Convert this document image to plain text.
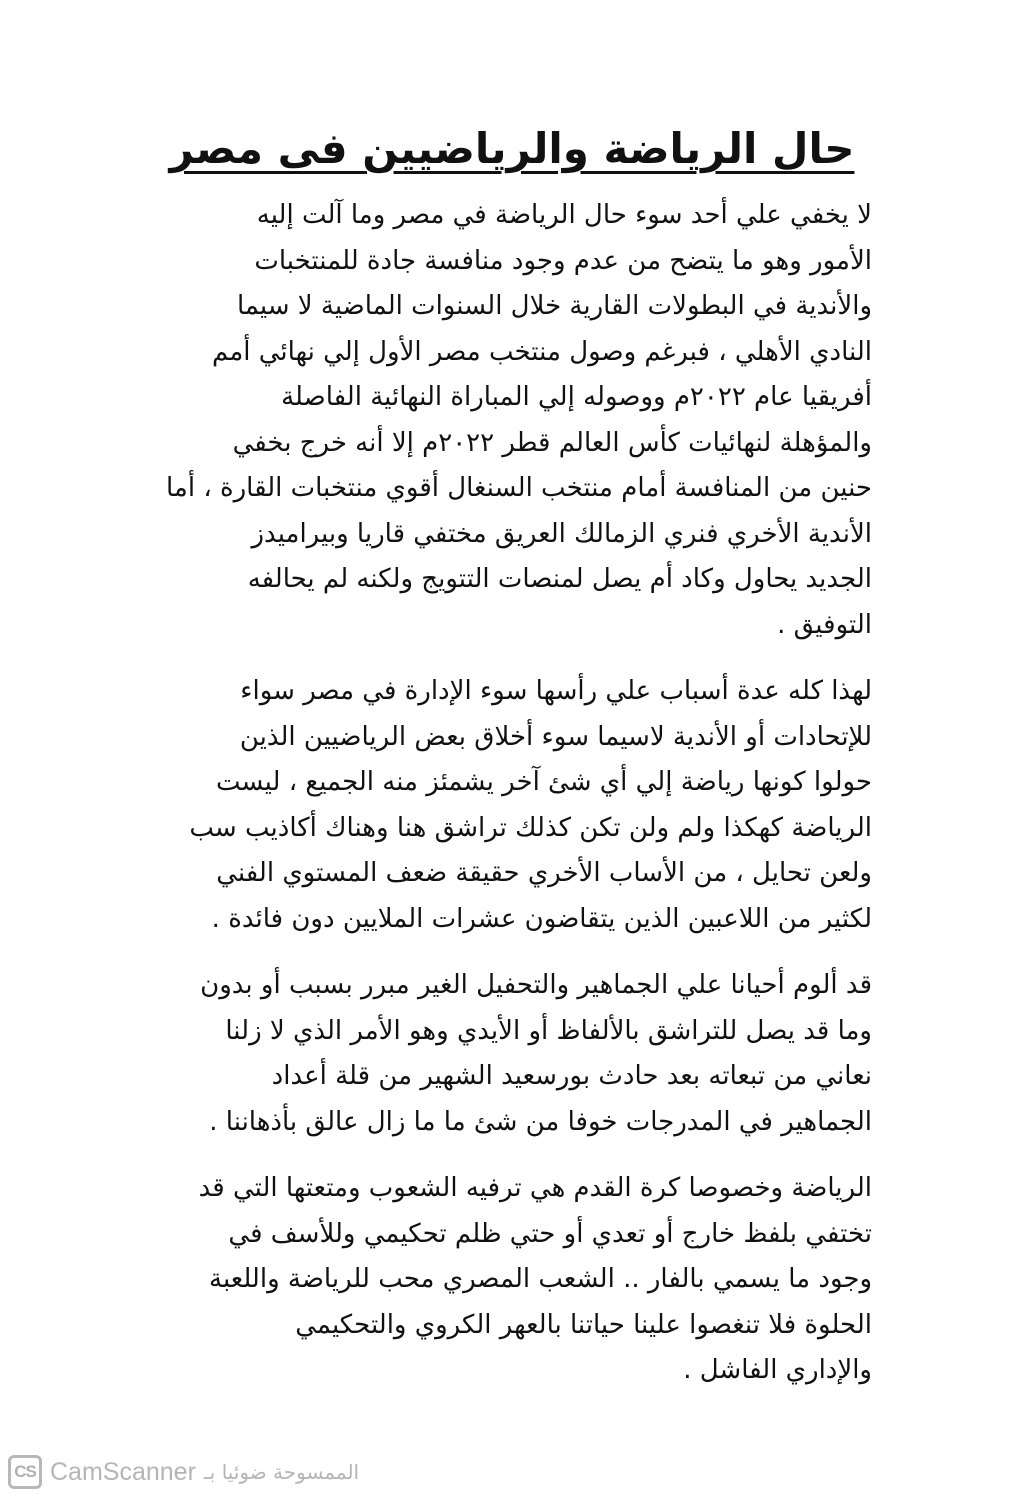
حال الرياضة والرياضيين فى مصر

لا يخفي علي أحد سوء حال الرياضة في مصر وما آلت إليه
الأمور وهو ما يتضح من عدم وجود منافسة جادة للمنتخبات
والأندية في البطولات القارية خلال السنوات الماضية لا سيما
النادي الأهلي ، فبرغم وصول منتخب مصر الأول إلي نهائي أمم
أفريقيا عام ٢٠٢٢م ووصوله إلي المباراة النهائية الفاصلة
والمؤهلة لنهائيات كأس العالم قطر ٢٠٢٢م إلا أنه خرج بخفي
حنين من المنافسة أمام منتخب السنغال أقوي منتخبات القارة ، أما
الأندية الأخري فنري الزمالك العريق مختفي قاريا وبيراميدز
الجديد يحاول وكاد أم يصل لمنصات التتويج ولكنه لم يحالفه
التوفيق .

لهذا كله عدة أسباب علي رأسها سوء الإدارة في مصر سواء
للإتحادات أو الأندية لاسيما سوء أخلاق بعض الرياضيين الذين
حولوا كونها رياضة إلي أي شئ آخر يشمئز منه الجميع ، ليست
الرياضة كهكذا ولم ولن تكن كذلك تراشق هنا وهناك أكاذيب سب
ولعن تحايل ، من الأساب الأخري حقيقة ضعف المستوي الفني
لكثير من اللاعبين الذين يتقاضون عشرات الملايين دون فائدة .

قد ألوم أحيانا علي الجماهير والتحفيل الغير مبرر بسبب أو بدون
وما قد يصل للتراشق بالألفاظ أو الأيدي وهو الأمر الذي لا زلنا
نعاني من تبعاته بعد حادث بورسعيد الشهير من قلة أعداد
الجماهير في المدرجات خوفا من شئ ما ما زال عالق بأذهاننا .

الرياضة وخصوصا كرة القدم هي ترفيه الشعوب ومتعتها التي قد
تختفي بلفظ خارج أو تعدي أو حتي ظلم تحكيمي وللأسف في
وجود ما يسمي بالفار .. الشعب المصري محب للرياضة واللعبة
الحلوة فلا تنغصوا علينا حياتنا بالعهر الكروي والتحكيمي
والإداري الفاشل .

CS CamScanner الممسوحة ضوئيا بـ
